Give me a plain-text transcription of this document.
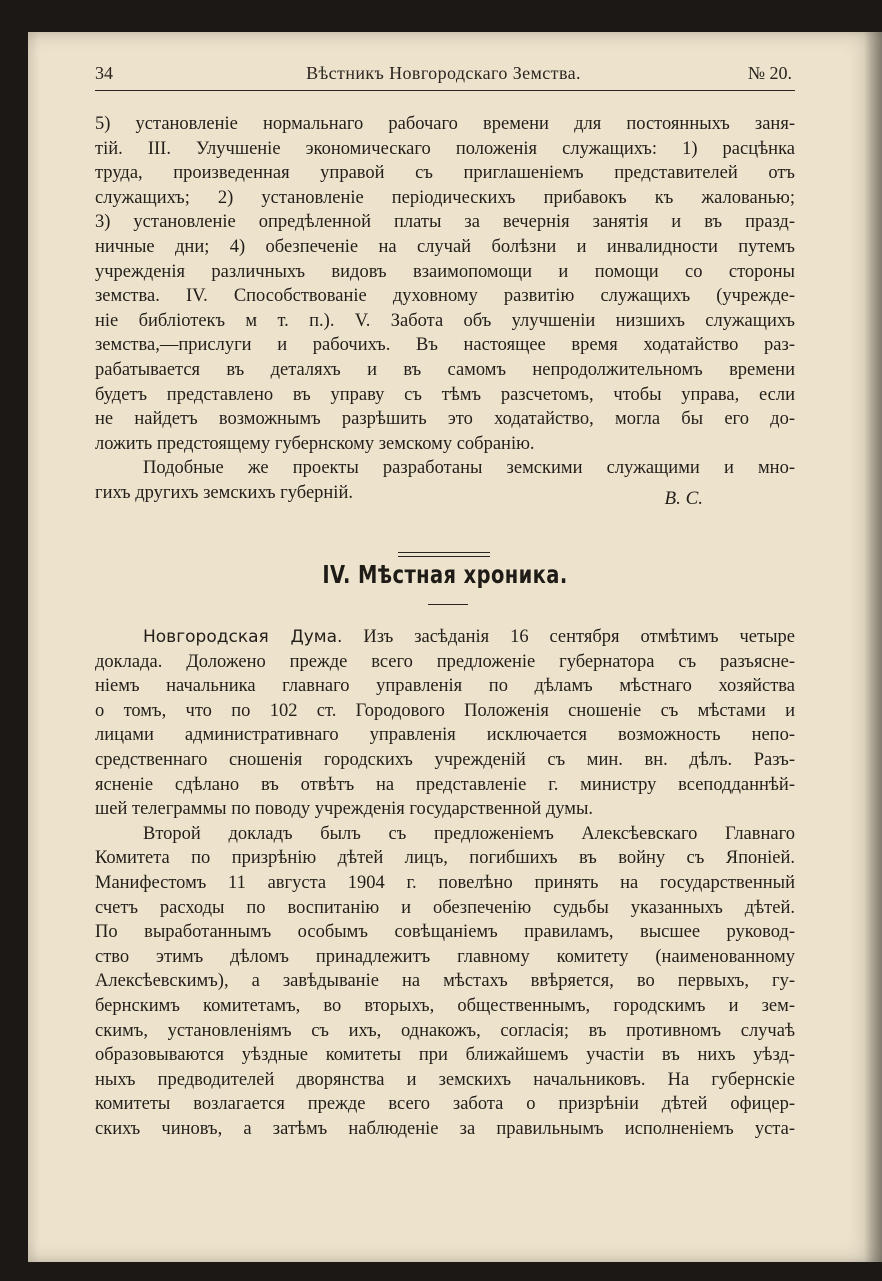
34	Вѣстникъ Новгородскаго Земства.	№ 20.
5) установленіе нормальнаго рабочаго времени для постоянныхъ заня-
тій. III. Улучшеніе экономическаго положенія служащихъ: 1) расцѣнка
труда, произведенная управой съ приглашеніемъ представителей отъ
служащихъ; 2) установленіе періодическихъ прибавокъ къ жалованью;
3) установленіе опредѣленной платы за вечернія занятія и въ празд-
ничные дни; 4) обезпеченіе на случай болѣзни и инвалидности путемъ
учрежденія различныхъ видовъ взаимопомощи и помощи со стороны
земства. IV. Способствованіе духовному развитію служащихъ (учрежде-
ніе библіотекъ м т. п.). V. Забота объ улучшеніи низшихъ служащихъ
земства,—прислуги и рабочихъ. Въ настоящее время ходатайство раз-
рабатывается въ деталяхъ и въ самомъ непродолжительномъ времени
будетъ представлено въ управу съ тѣмъ разсчетомъ, чтобы управа, если
не найдетъ возможнымъ разрѣшить это ходатайство, могла бы его до-
ложить предстоящему губернскому земскому собранію.
Подобные же проекты разработаны земскими служащими и мно-
гихъ другихъ земскихъ губерній.	В. С.
IV. Мѣстная хроника.
Новгородская Дума. Изъ засѣданія 16 сентября отмѣтимъ четыре
доклада. Доложено прежде всего предложеніе губернатора съ разъясне-
ніемъ начальника главнаго управленія по дѣламъ мѣстнаго хозяйства
о томъ, что по 102 ст. Городового Положенія сношеніе съ мѣстами и
лицами административнаго управленія исключается возможность непо-
средственнаго сношенія городскихъ учрежденій съ мин. вн. дѣлъ. Разъ-
ясненіе сдѣлано въ отвѣтъ на представленіе г. министру всеподданнѣй-
шей телеграммы по поводу учрежденія государственной думы.
Второй докладъ былъ съ предложеніемъ Алексѣевскаго Главнаго
Комитета по призрѣнію дѣтей лицъ, погибшихъ въ войну съ Японіей.
Манифестомъ 11 августа 1904 г. повелѣно принять на государственный
счетъ расходы по воспитанію и обезпеченію судьбы указанныхъ дѣтей.
По выработаннымъ особымъ совѣщаніемъ правиламъ, высшее руковод-
ство этимъ дѣломъ принадлежитъ главному комитету (наименованному
Алексѣевскимъ), а завѣдываніе на мѣстахъ ввѣряется, во первыхъ, гу-
бернскимъ комитетамъ, во вторыхъ, общественнымъ, городскимъ и зем-
скимъ, установленіямъ съ ихъ, однакожъ, согласія; въ противномъ случаѣ
образовываются уѣздные комитеты при ближайшемъ участіи въ нихъ уѣзд-
ныхъ предводителей дворянства и земскихъ начальниковъ. На губернскіе
комитеты возлагается прежде всего забота о призрѣніи дѣтей офицер-
скихъ чиновъ, а затѣмъ наблюденіе за правильнымъ исполненіемъ уста-
